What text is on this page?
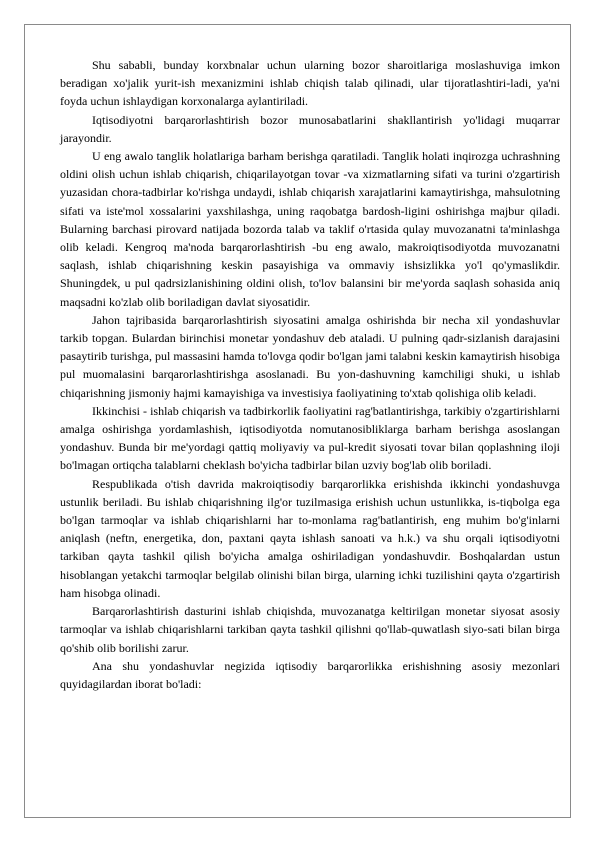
Shu sababli, bunday korxbnalar uchun ularning bozor sharoitlariga moslashuviga imkon beradigan xo'jalik yurit-ish mexanizmini ishlab chiqish talab qilinadi, ular tijoratlashtiri-ladi, ya'ni foyda uchun ishlaydigan korxonalarga aylantiriladi.

Iqtisodiyotni barqarorlashtirish bozor munosabatlarini shakllantirish yo'lidagi muqarrar jarayondir.

U eng awalo tanglik holatlariga barham berishga qaratiladi. Tanglik holati inqirozga uchrashning oldini olish uchun ishlab chiqarish, chiqarilayotgan tovar -va xizmatlarning sifati va turini o'zgartirish yuzasidan chora-tadbirlar ko'rishga undaydi, ishlab chiqarish xarajatlarini kamaytirishga, mahsulotning sifati va iste'mol xossalarini yaxshilashga, uning raqobatga bardosh-ligini oshirishga majbur qiladi. Bularning barchasi pirovard natijada bozorda talab va taklif o'rtasida qulay muvozanatni ta'minlashga olib keladi. Kengroq ma'noda barqarorlashtirish -bu eng awalo, makroiqtisodiyotda muvozanatni saqlash, ishlab chiqarishning keskin pasayishiga va ommaviy ishsizlikka yo'l qo'ymaslikdir. Shuningdek, u pul qadrsizlanishining oldini olish, to'lov balansini bir me'yorda saqlash sohasida aniq maqsadni ko'zlab olib boriladigan davlat siyosatidir.

Jahon tajribasida barqarorlashtirish siyosatini amalga oshirishda bir necha xil yondashuvlar tarkib topgan. Bulardan birinchisi monetar yondashuv deb ataladi. U pulning qadr-sizlanish darajasini pasaytirib turishga, pul massasini hamda to'lovga qodir bo'lgan jami talabni keskin kamaytirish hisobiga pul muomalasini barqarorlashtirishga asoslanadi. Bu yon-dashuvning kamchiligi shuki, u ishlab chiqarishning jismoniy hajmi kamayishiga va investisiya faoliyatining to'xtab qolishiga olib keladi.

Ikkinchisi - ishlab chiqarish va tadbirkorlik faoliyatini rag'batlantirishga, tarkibiy o'zgartirishlarni amalga oshirishga yordamlashish, iqtisodiyotda nomutanosibliklarga barham berishga asoslangan yondashuv. Bunda bir me'yordagi qattiq moliyaviy va pul-kredit siyosati tovar bilan qoplashning iloji bo'lmagan ortiqcha talablarni cheklash bo'yicha tadbirlar bilan uzviy bog'lab olib boriladi.

Respublikada o'tish davrida makroiqtisodiy barqarorlikka erishishda ikkinchi yondashuvga ustunlik beriladi. Bu ishlab chiqarishning ilg'or tuzilmasiga erishish uchun ustunlikka, is-tiqbolga ega bo'lgan tarmoqlar va ishlab chiqarishlarni har to-monlama rag'batlantirish, eng muhim bo'g'inlarni aniqlash (neftn, energetika, don, paxtani qayta ishlash sanoati va h.k.) va shu orqali iqtisodiyotni tarkiban qayta tashkil qilish bo'yicha amalga oshiriladigan yondashuvdir. Boshqalardan ustun hisoblangan yetakchi tarmoqlar belgilab olinishi bilan birga, ularning ichki tuzilishini qayta o'zgartirish ham hisobga olinadi.

Barqarorlashtirish dasturini ishlab chiqishda, muvozanatga keltirilgan monetar siyosat asosiy tarmoqlar va ishlab chiqarishlarni tarkiban qayta tashkil qilishni qo'llab-quwatlash siyo-sati bilan birga qo'shib olib borilishi zarur.

Ana shu yondashuvlar negizida iqtisodiy barqarorlikka erishishning asosiy mezonlari quyidagilardan iborat bo'ladi:
